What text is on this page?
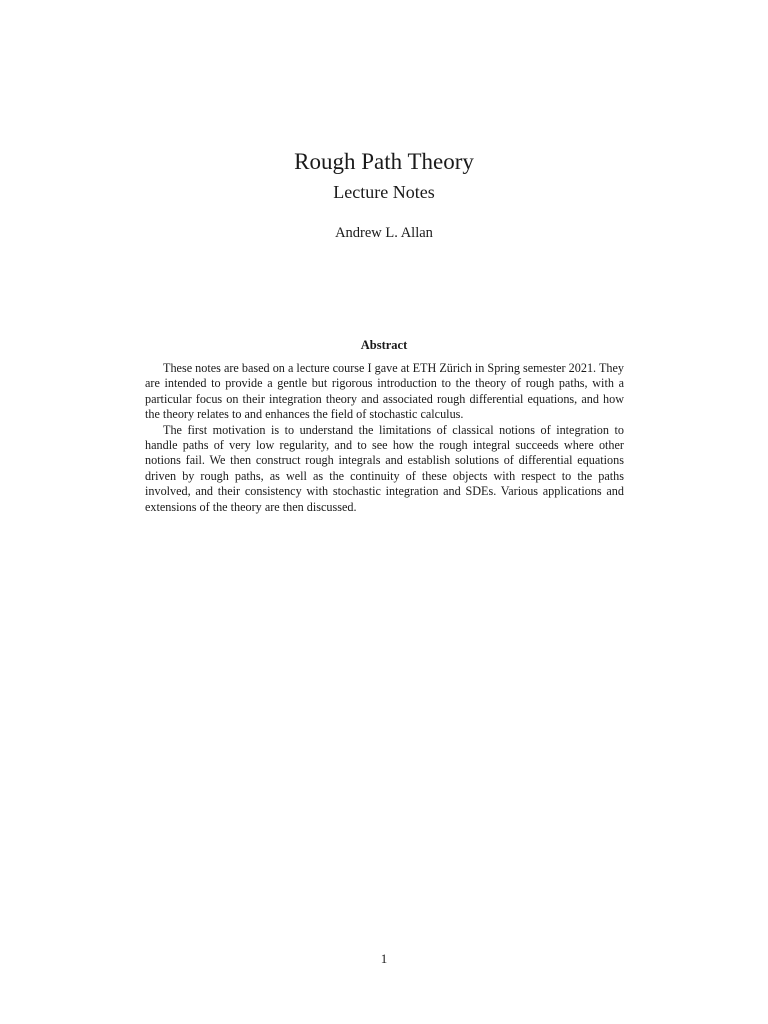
Rough Path Theory
Lecture Notes
Andrew L. Allan
Abstract

These notes are based on a lecture course I gave at ETH Zürich in Spring semester 2021. They are intended to provide a gentle but rigorous introduction to the theory of rough paths, with a particular focus on their integration theory and associated rough differential equations, and how the theory relates to and enhances the field of stochastic calculus.

The first motivation is to understand the limitations of classical notions of integration to handle paths of very low regularity, and to see how the rough integral succeeds where other notions fail. We then construct rough integrals and establish solutions of differential equations driven by rough paths, as well as the continuity of these objects with respect to the paths involved, and their consistency with stochastic integration and SDEs. Various applications and extensions of the theory are then discussed.

1
